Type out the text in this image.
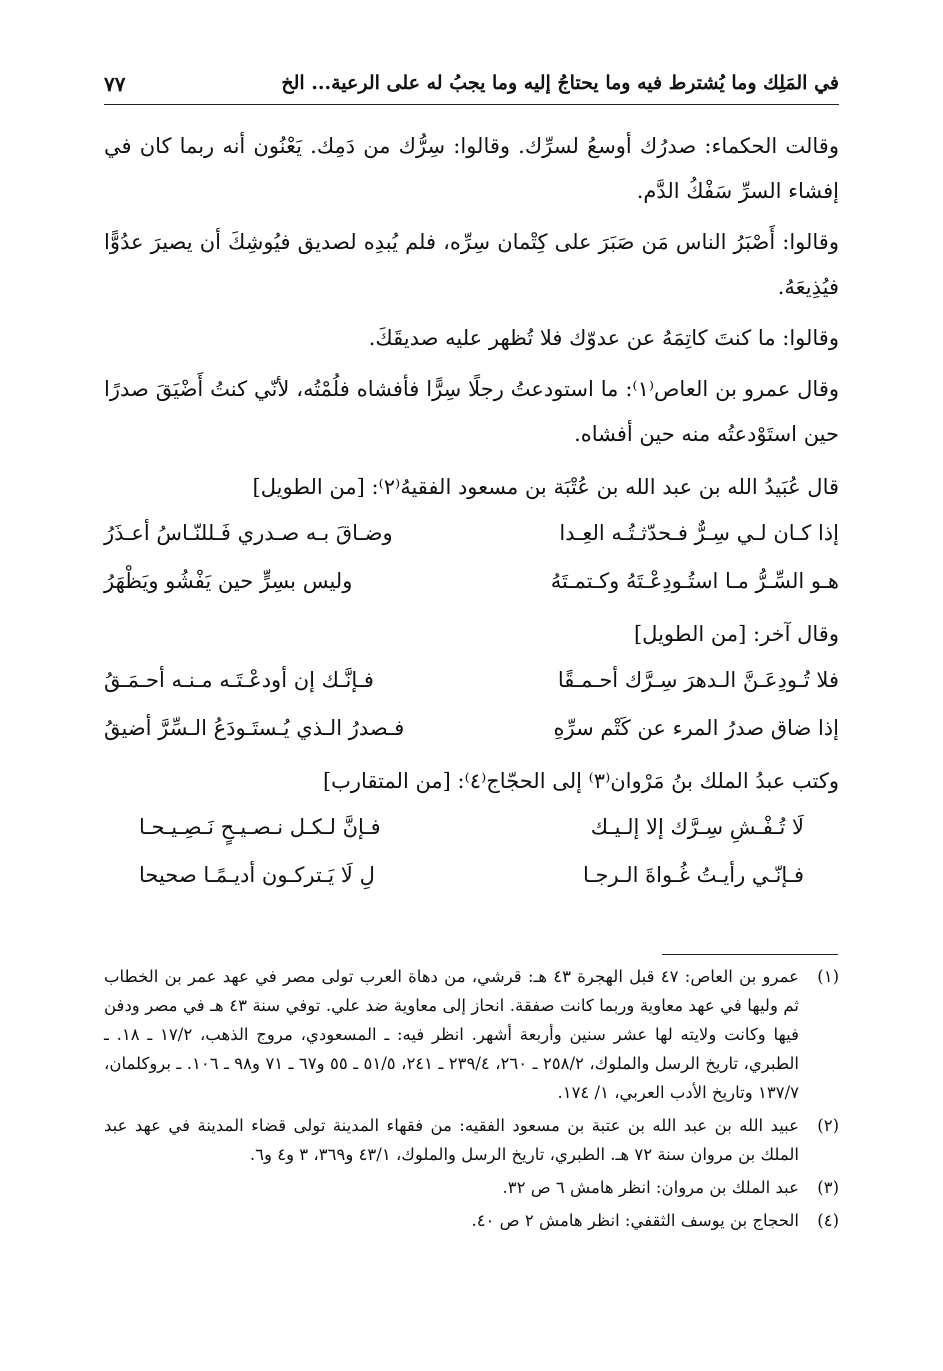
في المَلِك وما يُشترط فيه وما يحتاجُ إليه وما يجبُ له على الرعية... الخ
٧٧

وقالت الحكماء: صدرُك أوسعُ لسرِّك. وقالوا: سِرُّك من دَمِك. يَعْنُون أنه ربما كان في إفشاء السرِّ سَفْكُ الدَّم.

وقالوا: أَصْبَرُ الناس مَن صَبَرَ على كِتْمان سِرِّه، فلم يُبدِه لصديق فيُوشِكَ أن يصيرَ عدُوًّا فيُذِيعَهُ.

وقالوا: ما كنتَ كاتِمَهُ عن عدوّك فلا تُظهر عليه صديقَكَ.

وقال عمرو بن العاص⁽١⁾: ما استودعتُ رجلًا سِرًّا فأفشاه فلُمْتُه، لأنّي كنتُ أَضْيَقَ صدرًا حين استَوْدعتُه منه حين أفشاه.

قال عُبَيدُ الله بن عبد الله بن عُتْبَة بن مسعود الفقيهُ⁽٢⁾: [من الطويل]

إذا كـان لـي سِـرٌّ فـحدّثـتُـه العِـدا
وضـاقَ بـه صـدري فَـللنّـاسُ أعـذَرُ
هـو السِّـرُّ مـا استُـودِعْـتَهُ وكـتمـتَهُ
وليس بسِرٍّ حين يَفْشُو ويَظْهَرُ

وقال آخر: [من الطويل]

فلا تُـودِعَـنَّ الـدهرَ سِـرَّك أحـمـقًا
فـإنَّـك إن أودعْـتَـه مـنـه أحـمَـقُ
إذا ضاق صدرُ المرء عن كَتْم سرِّهِ
فـصدرُ الـذي يُـستَـودَعُ الـسِّرَّ أضيقُ

وكتب عبدُ الملك بنُ مَرْوان⁽٣⁾ إلى الحجّاج⁽٤⁾: [من المتقارب]

لَا تُـفْـشِ سِـرَّك إلا إلـيـك
فـإنَّ لـكـل نـصـيـحٍ نَـصِـيـحـا
فـإنّـي رأيـتُ غُـواةَ الـرجـا
لِ لَا يَـتركـون أديـمًـا صحيحا
(١)
عمرو بن العاص: ٤٧ قبل الهجرة ٤٣ هـ: قرشي، من دهاة العرب تولى مصر في عهد عمر بن الخطاب ثم وليها في عهد معاوية وربما كانت صفقة. انحاز إلى معاوية ضد علي. توفي سنة ٤٣ هـ في مصر ودفن فيها وكانت ولايته لها عشر سنين وأربعة أشهر. انظر فيه: ـ المسعودي، مروج الذهب، ١٧/٢ ـ ١٨. ـ الطبري، تاريخ الرسل والملوك، ٢٥٨/٢ ـ ٢٦٠، ٢٣٩/٤ ـ ٢٤١، ٥١/٥ ـ ٥٥ و٦٧ ـ ٧١ و٩٨ ـ ١٠٦. ـ بروكلمان، ١٣٧/٧ وتاريخ الأدب العربي، ١/ ١٧٤.
(٢)
عبيد الله بن عبد الله بن عتبة بن مسعود الفقيه: من فقهاء المدينة تولى قضاء المدينة في عهد عبد الملك بن مروان سنة ٧٢ هـ. الطبري، تاريخ الرسل والملوك، ٤٣/١ و٣٦٩، ٣ و٤ و٦.
(٣)
عبد الملك بن مروان: انظر هامش ٦ ص ٣٢.
(٤)
الحجاج بن يوسف الثقفي: انظر هامش ٢ ص ٤٠.
